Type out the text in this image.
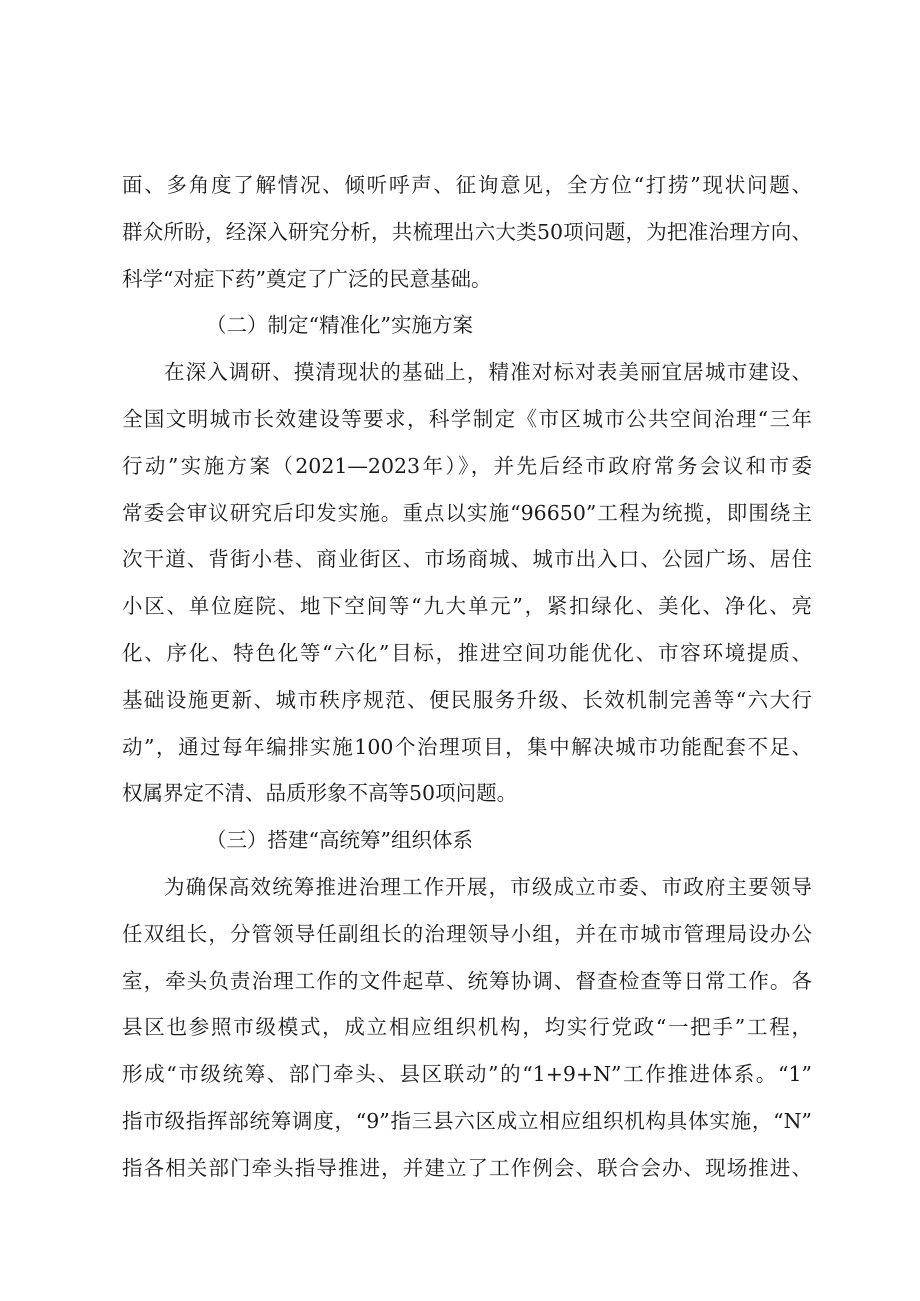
面、多角度了解情况、倾听呼声、征询意见，全方位“打捞”现状问题、
群众所盼，经深入研究分析，共梳理出六大类50项问题，为把准治理方向、
科学“对症下药”奠定了广泛的民意基础。
（二）制定“精准化”实施方案
在深入调研、摸清现状的基础上，精准对标对表美丽宜居城市建设、
全国文明城市长效建设等要求，科学制定《市区城市公共空间治理“三年
行动”实施方案（2021—2023年）》，并先后经市政府常务会议和市委
常委会审议研究后印发实施。重点以实施“96650”工程为统揽，即围绕主
次干道、背街小巷、商业街区、市场商城、城市出入口、公园广场、居住
小区、单位庭院、地下空间等“九大单元”，紧扣绿化、美化、净化、亮
化、序化、特色化等“六化”目标，推进空间功能优化、市容环境提质、
基础设施更新、城市秩序规范、便民服务升级、长效机制完善等“六大行
动”，通过每年编排实施100个治理项目，集中解决城市功能配套不足、
权属界定不清、品质形象不高等50项问题。
（三）搭建“高统筹”组织体系
为确保高效统筹推进治理工作开展，市级成立市委、市政府主要领导
任双组长，分管领导任副组长的治理领导小组，并在市城市管理局设办公
室，牵头负责治理工作的文件起草、统筹协调、督查检查等日常工作。各
县区也参照市级模式，成立相应组织机构，均实行党政“一把手”工程，
形成“市级统筹、部门牵头、县区联动”的“1+9+N”工作推进体系。“1”
指市级指挥部统筹调度，“9”指三县六区成立相应组织机构具体实施，“N”
指各相关部门牵头指导推进，并建立了工作例会、联合会办、现场推进、
